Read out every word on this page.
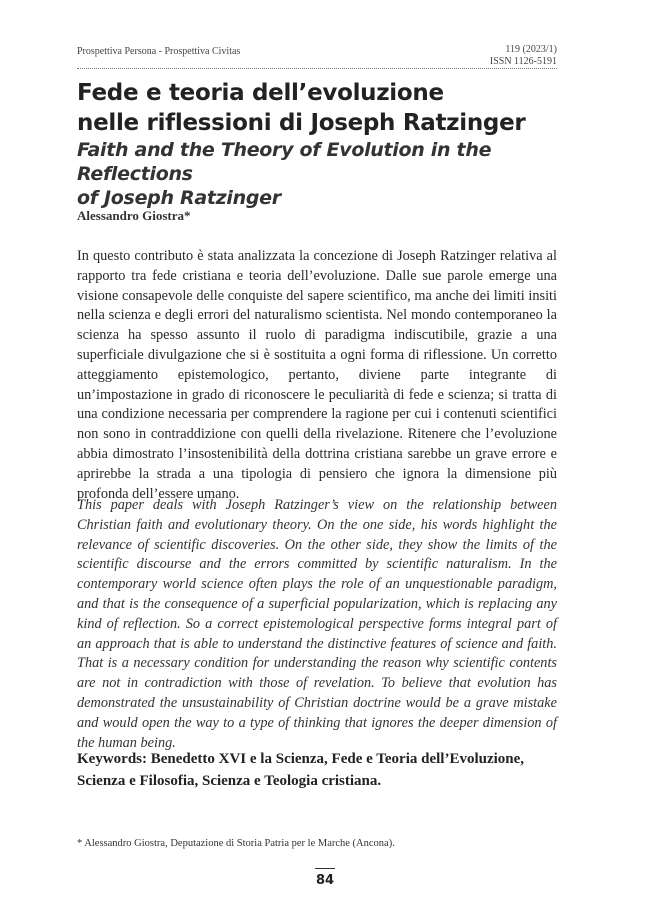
Prospettiva Persona - Prospettiva Civitas	119 (2023/1)
ISSN 1126-5191
Fede e teoria dell’evoluzione
nelle riflessioni di Joseph Ratzinger
Faith and the Theory of Evolution in the Reflections
of Joseph Ratzinger
Alessandro Giostra*

In questo contributo è stata analizzata la concezione di Joseph Ratzinger relativa al rapporto tra fede cristiana e teoria dell’evoluzione. Dalle sue parole emerge una visione consapevole delle conquiste del sapere scientifico, ma anche dei limiti insiti nella scienza e degli errori del naturalismo scientista. Nel mondo contemporaneo la scienza ha spesso assunto il ruolo di paradigma indiscutibile, grazie a una superficiale divulgazione che si è sostituita a ogni forma di riflessione. Un corretto atteggiamento epistemologico, pertanto, diviene parte integrante di un’impostazione in grado di riconoscere le peculiarità di fede e scienza; si tratta di una condizione necessaria per comprendere la ragione per cui i contenuti scientifici non sono in contraddizione con quelli della rivelazione. Ritenere che l’evoluzione abbia dimostrato l’insostenibilità della dottrina cristiana sarebbe un grave errore e aprirebbe la strada a una tipologia di pensiero che ignora la dimensione più profonda dell’essere umano.

This paper deals with Joseph Ratzinger’s view on the relationship between Christian faith and evolutionary theory. On the one side, his words highlight the relevance of scientific discoveries. On the other side, they show the limits of the scientific discourse and the errors committed by scientific naturalism. In the contemporary world science often plays the role of an unquestionable paradigm, and that is the consequence of a superficial popularization, which is replacing any kind of reflection. So a correct epistemological perspective forms integral part of an approach that is able to understand the distinctive features of science and faith. That is a necessary condition for understanding the reason why scientific contents are not in contradiction with those of revelation. To believe that evolution has demonstrated the unsustainability of Christian doctrine would be a grave mistake and would open the way to a type of thinking that ignores the deeper dimension of the human being.

Keywords: Benedetto XVI e la Scienza, Fede e Teoria dell’Evoluzione, Scienza e Filosofia, Scienza e Teologia cristiana.

* Alessandro Giostra, Deputazione di Storia Patria per le Marche (Ancona).
84
